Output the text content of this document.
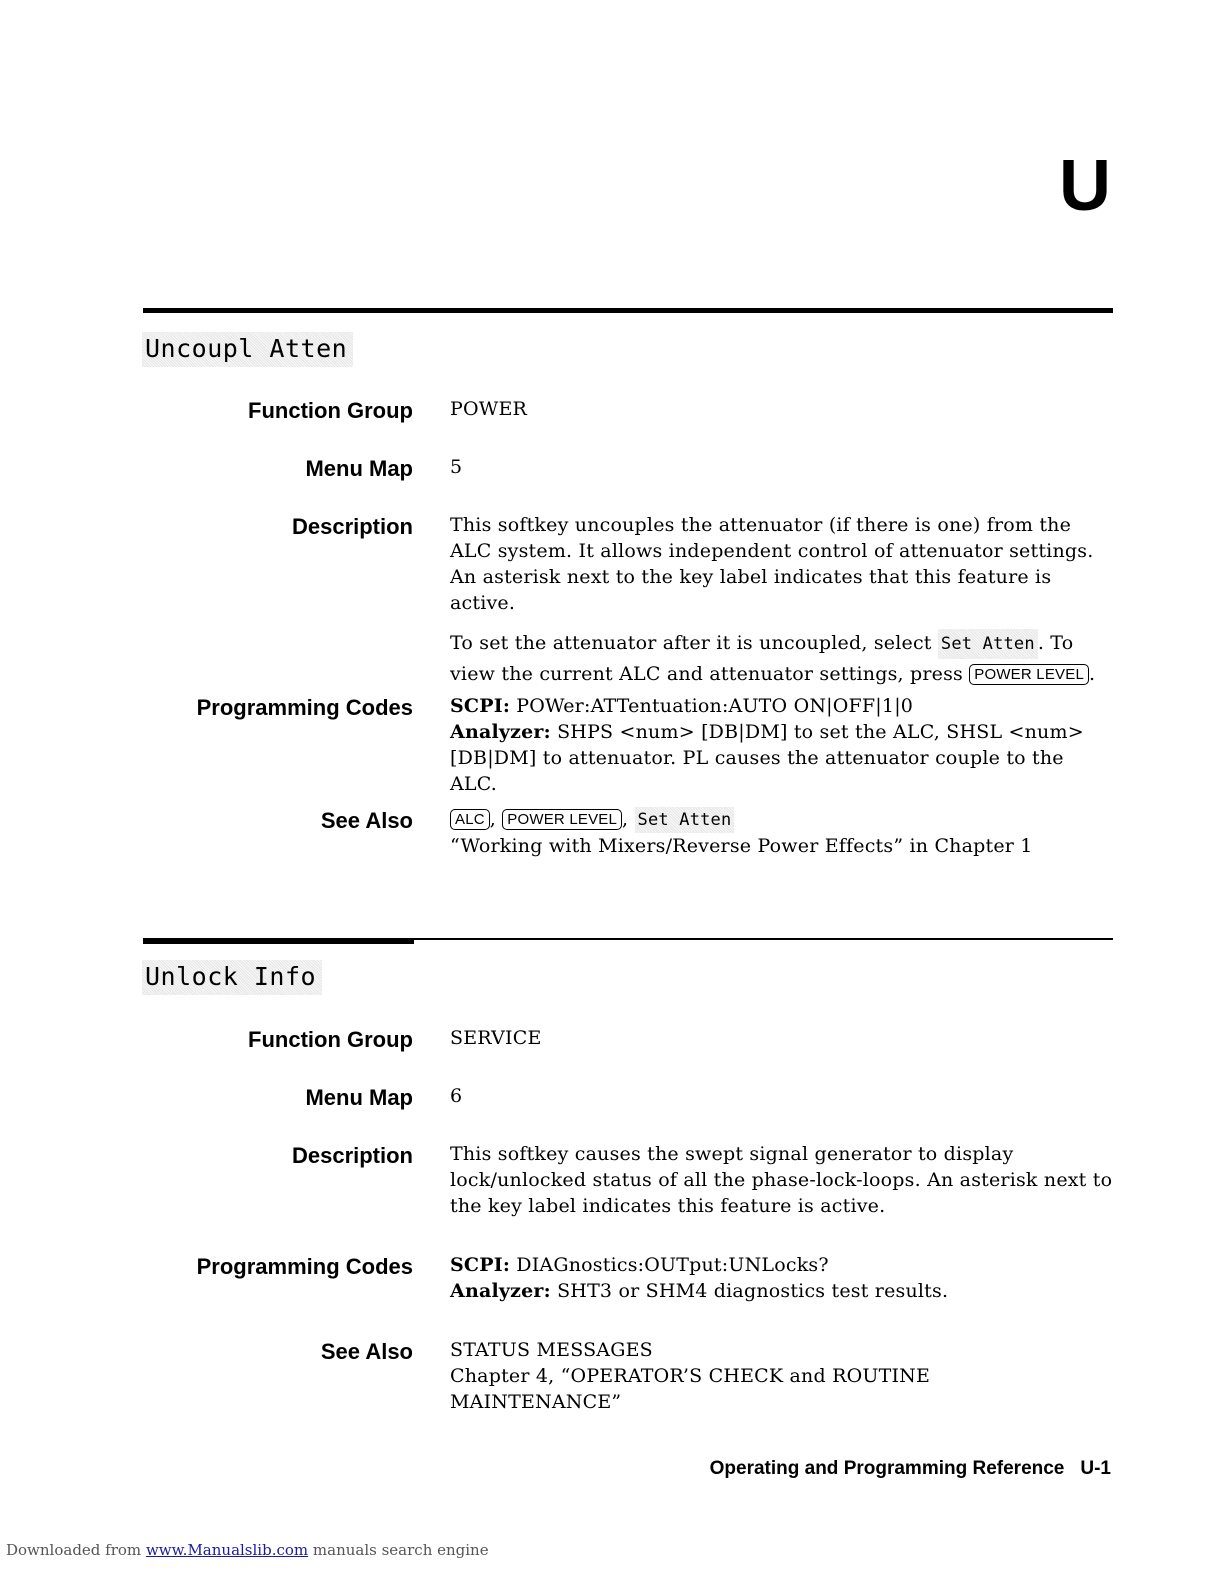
U
Uncoupl Atten
Function Group POWER
Menu Map 5
Description This softkey uncouples the attenuator (if there is one) from the ALC system. It allows independent control of attenuator settings. An asterisk next to the key label indicates that this feature is active.

To set the attenuator after it is uncoupled, select Set Atten . To view the current ALC and attenuator settings, press POWER LEVEL .

Programming Codes SCPI: POWer:ATTentuation:AUTO ON|OFF|1|0

Analyzer: SHPS <num> [DB|DM] to set the ALC, SHSL <num> [DB|DM] to attenuator. PL causes the attenuator couple to the ALC.

See Also	ALC , POWER LEVEL , Set Atten

“Working with Mixers/Reverse Power Effects” in Chapter 1

Unlock Info
Function Group SERVICE
Menu Map 6
Description This softkey causes the swept signal generator to display lock/unlocked status of all the phase-lock-loops. An asterisk next to the key label indicates this feature is active.

Programming Codes SCPI: DIAGnostics:OUTput:UNLocks?

Analyzer: SHT3 or SHM4 diagnostics test results.

See Also STATUS MESSAGES

Chapter 4, “OPERATOR’S CHECK and ROUTINE MAINTENANCE”

Operating and Programming Reference U-1
Downloaded from www.Manualslib.com manuals search engine
